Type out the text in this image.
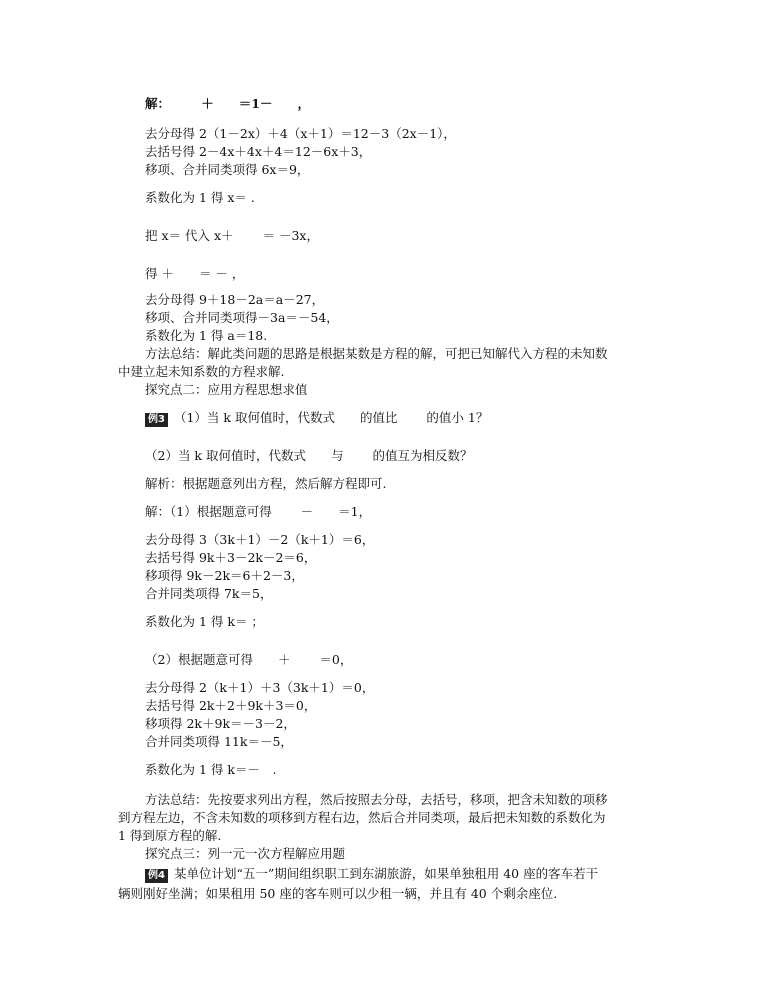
解：　　　＋　　＝1－　　，
去分母得 2（1－2x）＋4（x＋1）＝12－3（2x－1），
去括号得 2－4x＋4x＋4＝12－6x＋3，
移项、合并同类项得 6x＝9，
系数化为 1 得 x＝ .
把 x＝ 代入 x＋　　 ＝ －3x，
得 ＋　　＝ － ，
去分母得 9＋18－2a＝a－27，
移项、合并同类项得－3a＝－54，
系数化为 1 得 a＝18.
方法总结：解此类问题的思路是根据某数是方程的解，可把已知解代入方程的未知数
中建立起未知系数的方程求解.
探究点二：应用方程思想求值
例3 （1）当 k 取何值时，代数式　　的值比　　 的值小 1？
（2）当 k 取何值时，代数式　　与　　 的值互为相反数？
解析：根据题意列出方程，然后解方程即可.
解：（1）根据题意可得　　 －　　＝1，
去分母得 3（3k＋1）－2（k＋1）＝6，
去括号得 9k＋3－2k－2＝6，
移项得 9k－2k＝6＋2－3，
合并同类项得 7k＝5，
系数化为 1 得 k＝ ；
（2）根据题意可得　　＋　　 ＝0，
去分母得 2（k＋1）＋3（3k＋1）＝0，
去括号得 2k＋2＋9k＋3＝0，
移项得 2k＋9k＝－3－2，
合并同类项得 11k＝－5，
系数化为 1 得 k＝－　.
方法总结：先按要求列出方程，然后按照去分母，去括号，移项，把含未知数的项移
到方程左边，不含未知数的项移到方程右边，然后合并同类项，最后把未知数的系数化为
1 得到原方程的解.
探究点三：列一元一次方程解应用题
例4 某单位计划“五一”期间组织职工到东湖旅游，如果单独租用 40 座的客车若干
辆则刚好坐满；如果租用 50 座的客车则可以少租一辆，并且有 40 个剩余座位.
